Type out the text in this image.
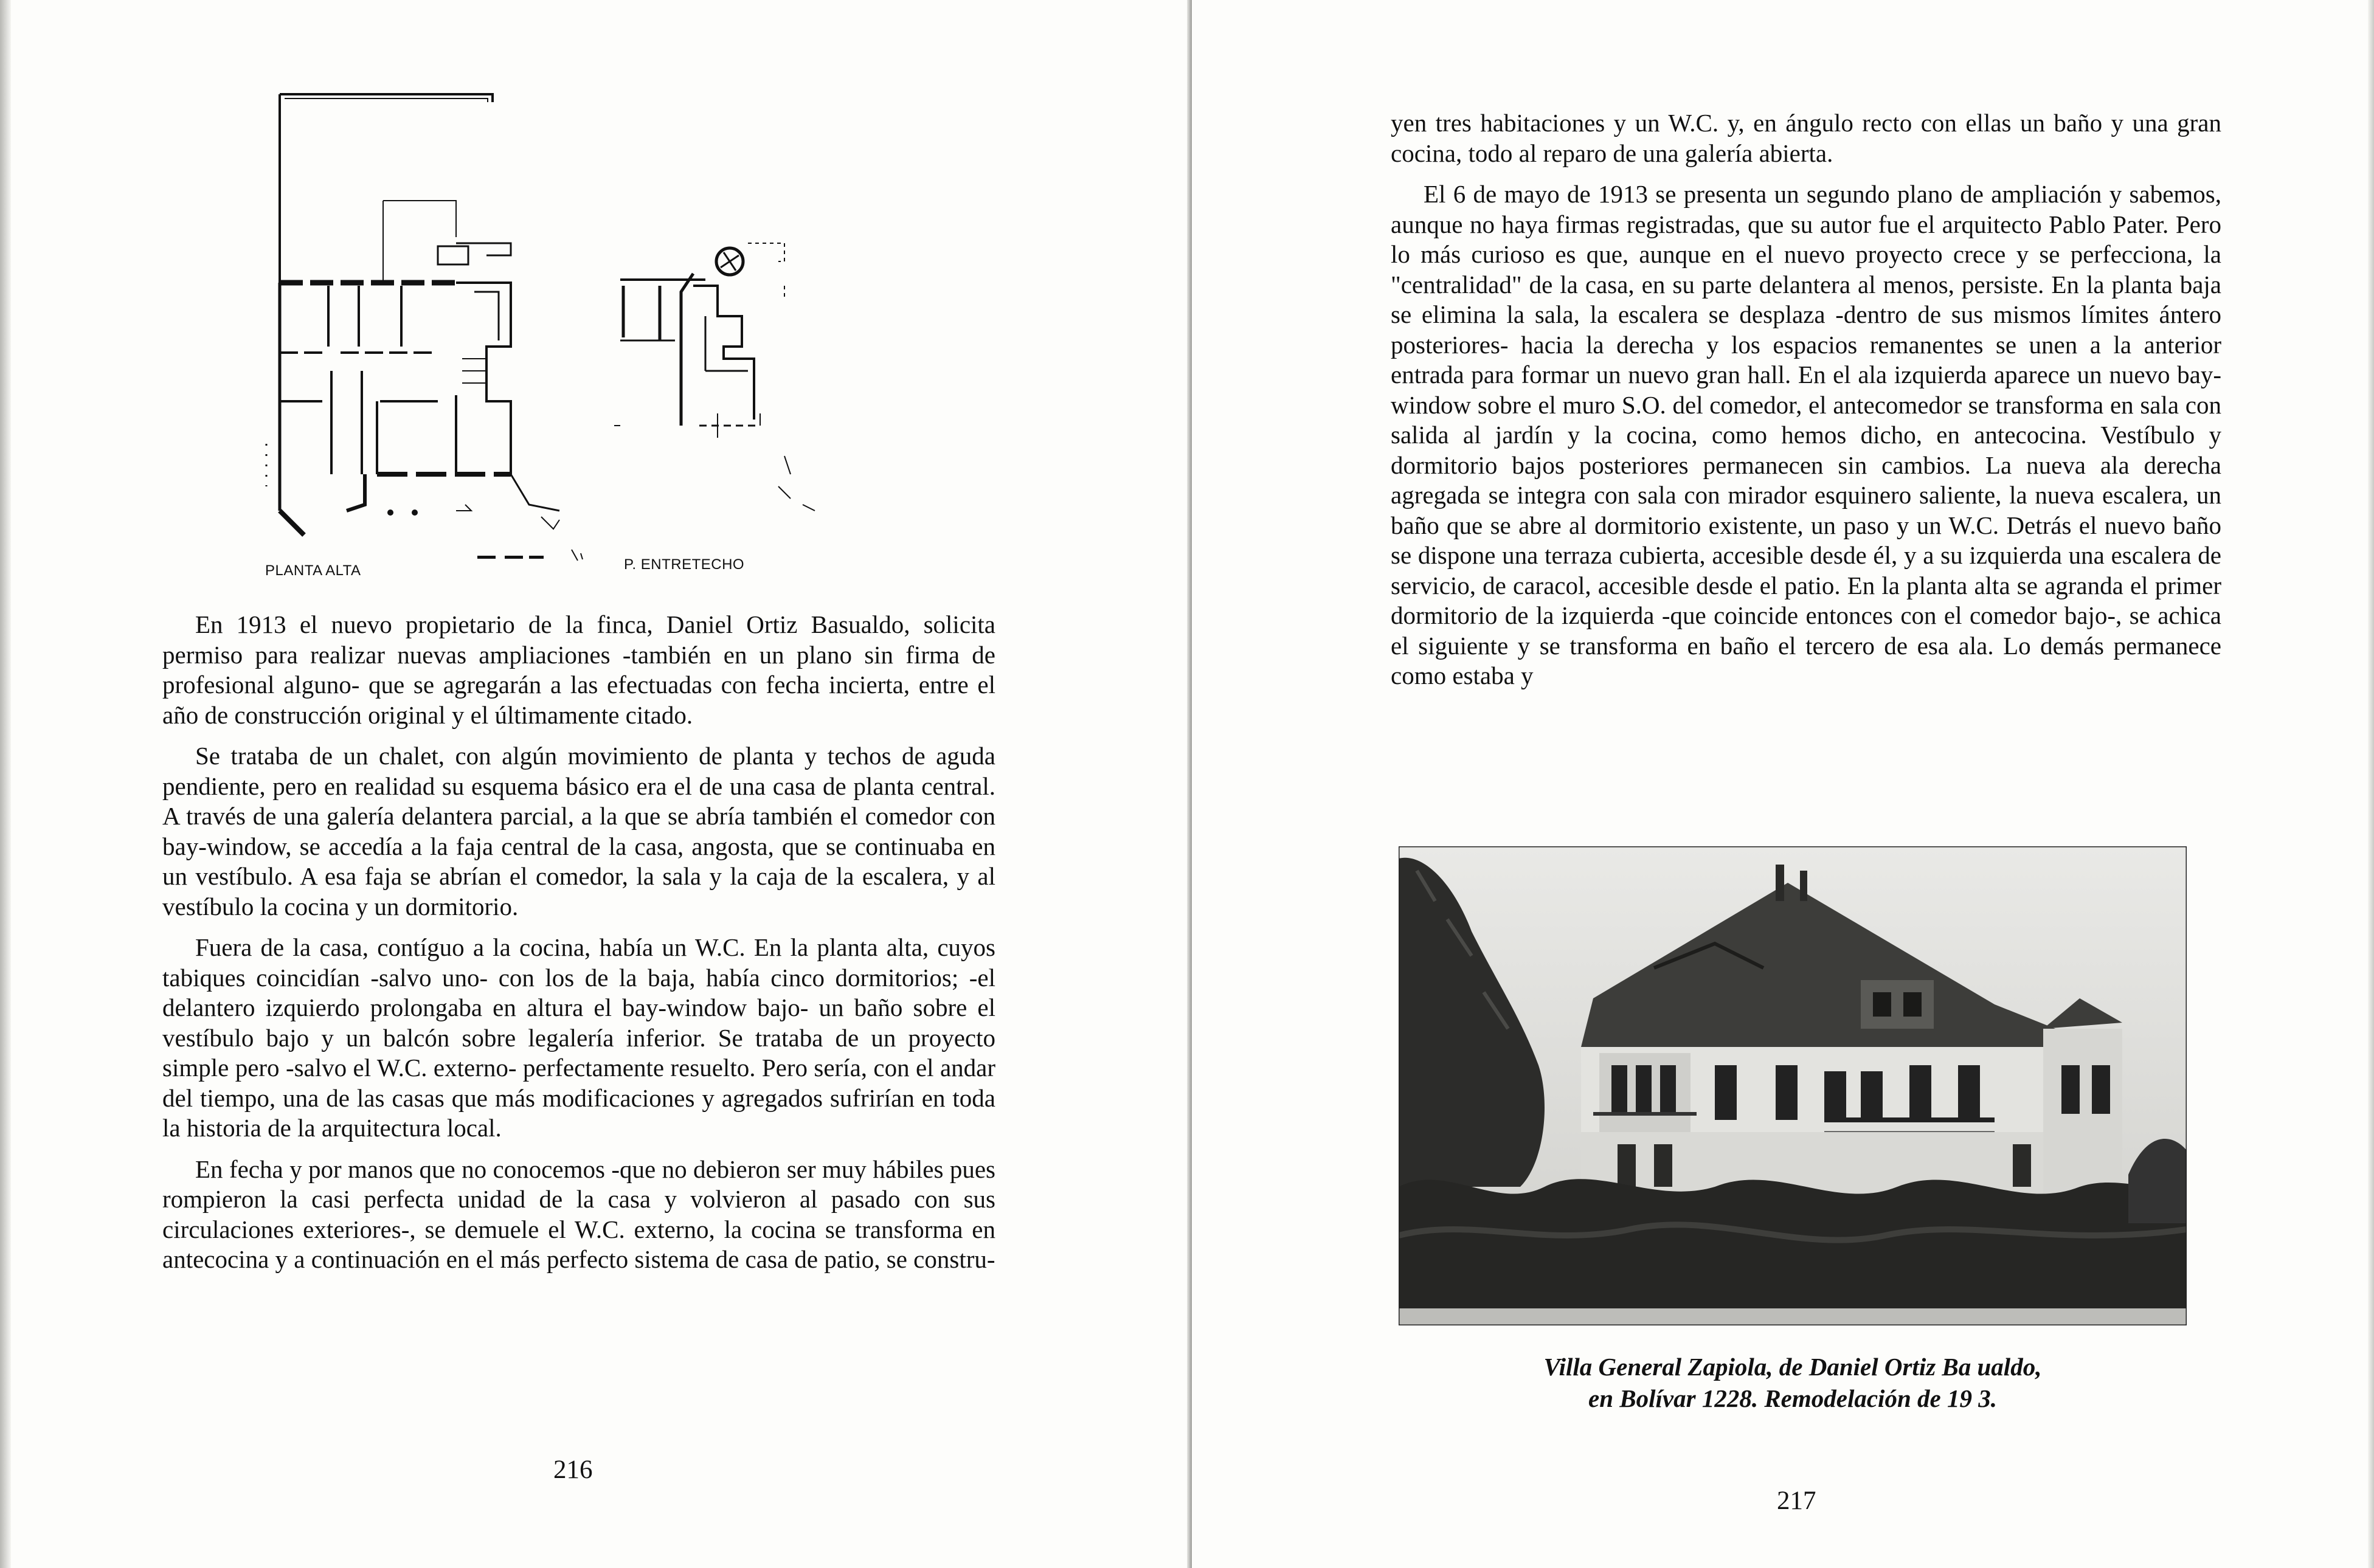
PLANTA ALTA	P. ENTRETECHO

En 1913 el nuevo propietario de la finca, Daniel Ortiz Basualdo, solicita permiso para realizar nuevas ampliaciones -también en un plano sin firma de profesional alguno- que se agregarán a las efectuadas con fecha incierta, entre el año de construcción original y el últimamente citado.

Se trataba de un chalet, con algún movimiento de planta y techos de aguda pendiente, pero en realidad su esquema básico era el de una casa de planta central. A través de una galería delantera parcial, a la que se abría también el comedor con bay-window, se accedía a la faja central de la casa, angosta, que se continuaba en un vestíbulo. A esa faja se abrían el comedor, la sala y la caja de la escalera, y al vestíbulo la cocina y un dormitorio.

Fuera de la casa, contíguo a la cocina, había un W.C. En la planta alta, cuyos tabiques coincidían -salvo uno- con los de la baja, había cinco dormitorios; -el delantero izquierdo prolongaba en altura el bay-window bajo- un baño sobre el vestíbulo bajo y un balcón sobre legalería inferior. Se trataba de un proyecto simple pero -salvo el W.C. externo- perfectamente resuelto. Pero sería, con el andar del tiempo, una de las casas que más modificaciones y agregados sufrirían en toda la historia de la arquitectura local.

En fecha y por manos que no conocemos -que no debieron ser muy hábiles pues rompieron la casi perfecta unidad de la casa y volvieron al pasado con sus circulaciones exteriores-, se demuele el W.C. externo, la cocina se transforma en antecocina y a continuación en el más perfecto sistema de casa de patio, se constru-

216

yen tres habitaciones y un W.C. y, en ángulo recto con ellas un baño y una gran cocina, todo al reparo de una galería abierta.

El 6 de mayo de 1913 se presenta un segundo plano de ampliación y sabemos, aunque no haya firmas registradas, que su autor fue el arquitecto Pablo Pater. Pero lo más curioso es que, aunque en el nuevo proyecto crece y se perfecciona, la "centralidad" de la casa, en su parte delantera al menos, persiste. En la planta baja se elimina la sala, la escalera se desplaza -dentro de sus mismos límites ántero posteriores- hacia la derecha y los espacios remanentes se unen a la anterior entrada para formar un nuevo gran hall. En el ala izquierda aparece un nuevo bay-window sobre el muro S.O. del comedor, el antecomedor se transforma en sala con salida al jardín y la cocina, como hemos dicho, en antecocina. Vestíbulo y dormitorio bajos posteriores permanecen sin cambios. La nueva ala derecha agregada se integra con sala con mirador esquinero saliente, la nueva escalera, un baño que se abre al dormitorio existente, un paso y un W.C. Detrás el nuevo baño se dispone una terraza cubierta, accesible desde él, y a su izquierda una escalera de servicio, de caracol, accesible desde el patio. En la planta alta se agranda el primer dormitorio de la izquierda -que coincide entonces con el comedor bajo-, se achica el siguiente y se transforma en baño el tercero de esa ala. Lo demás permanece como estaba y

Villa General Zapiola, de Daniel Ortiz Ba ualdo,
en Bolívar 1228. Remodelación de 19 3.
217
